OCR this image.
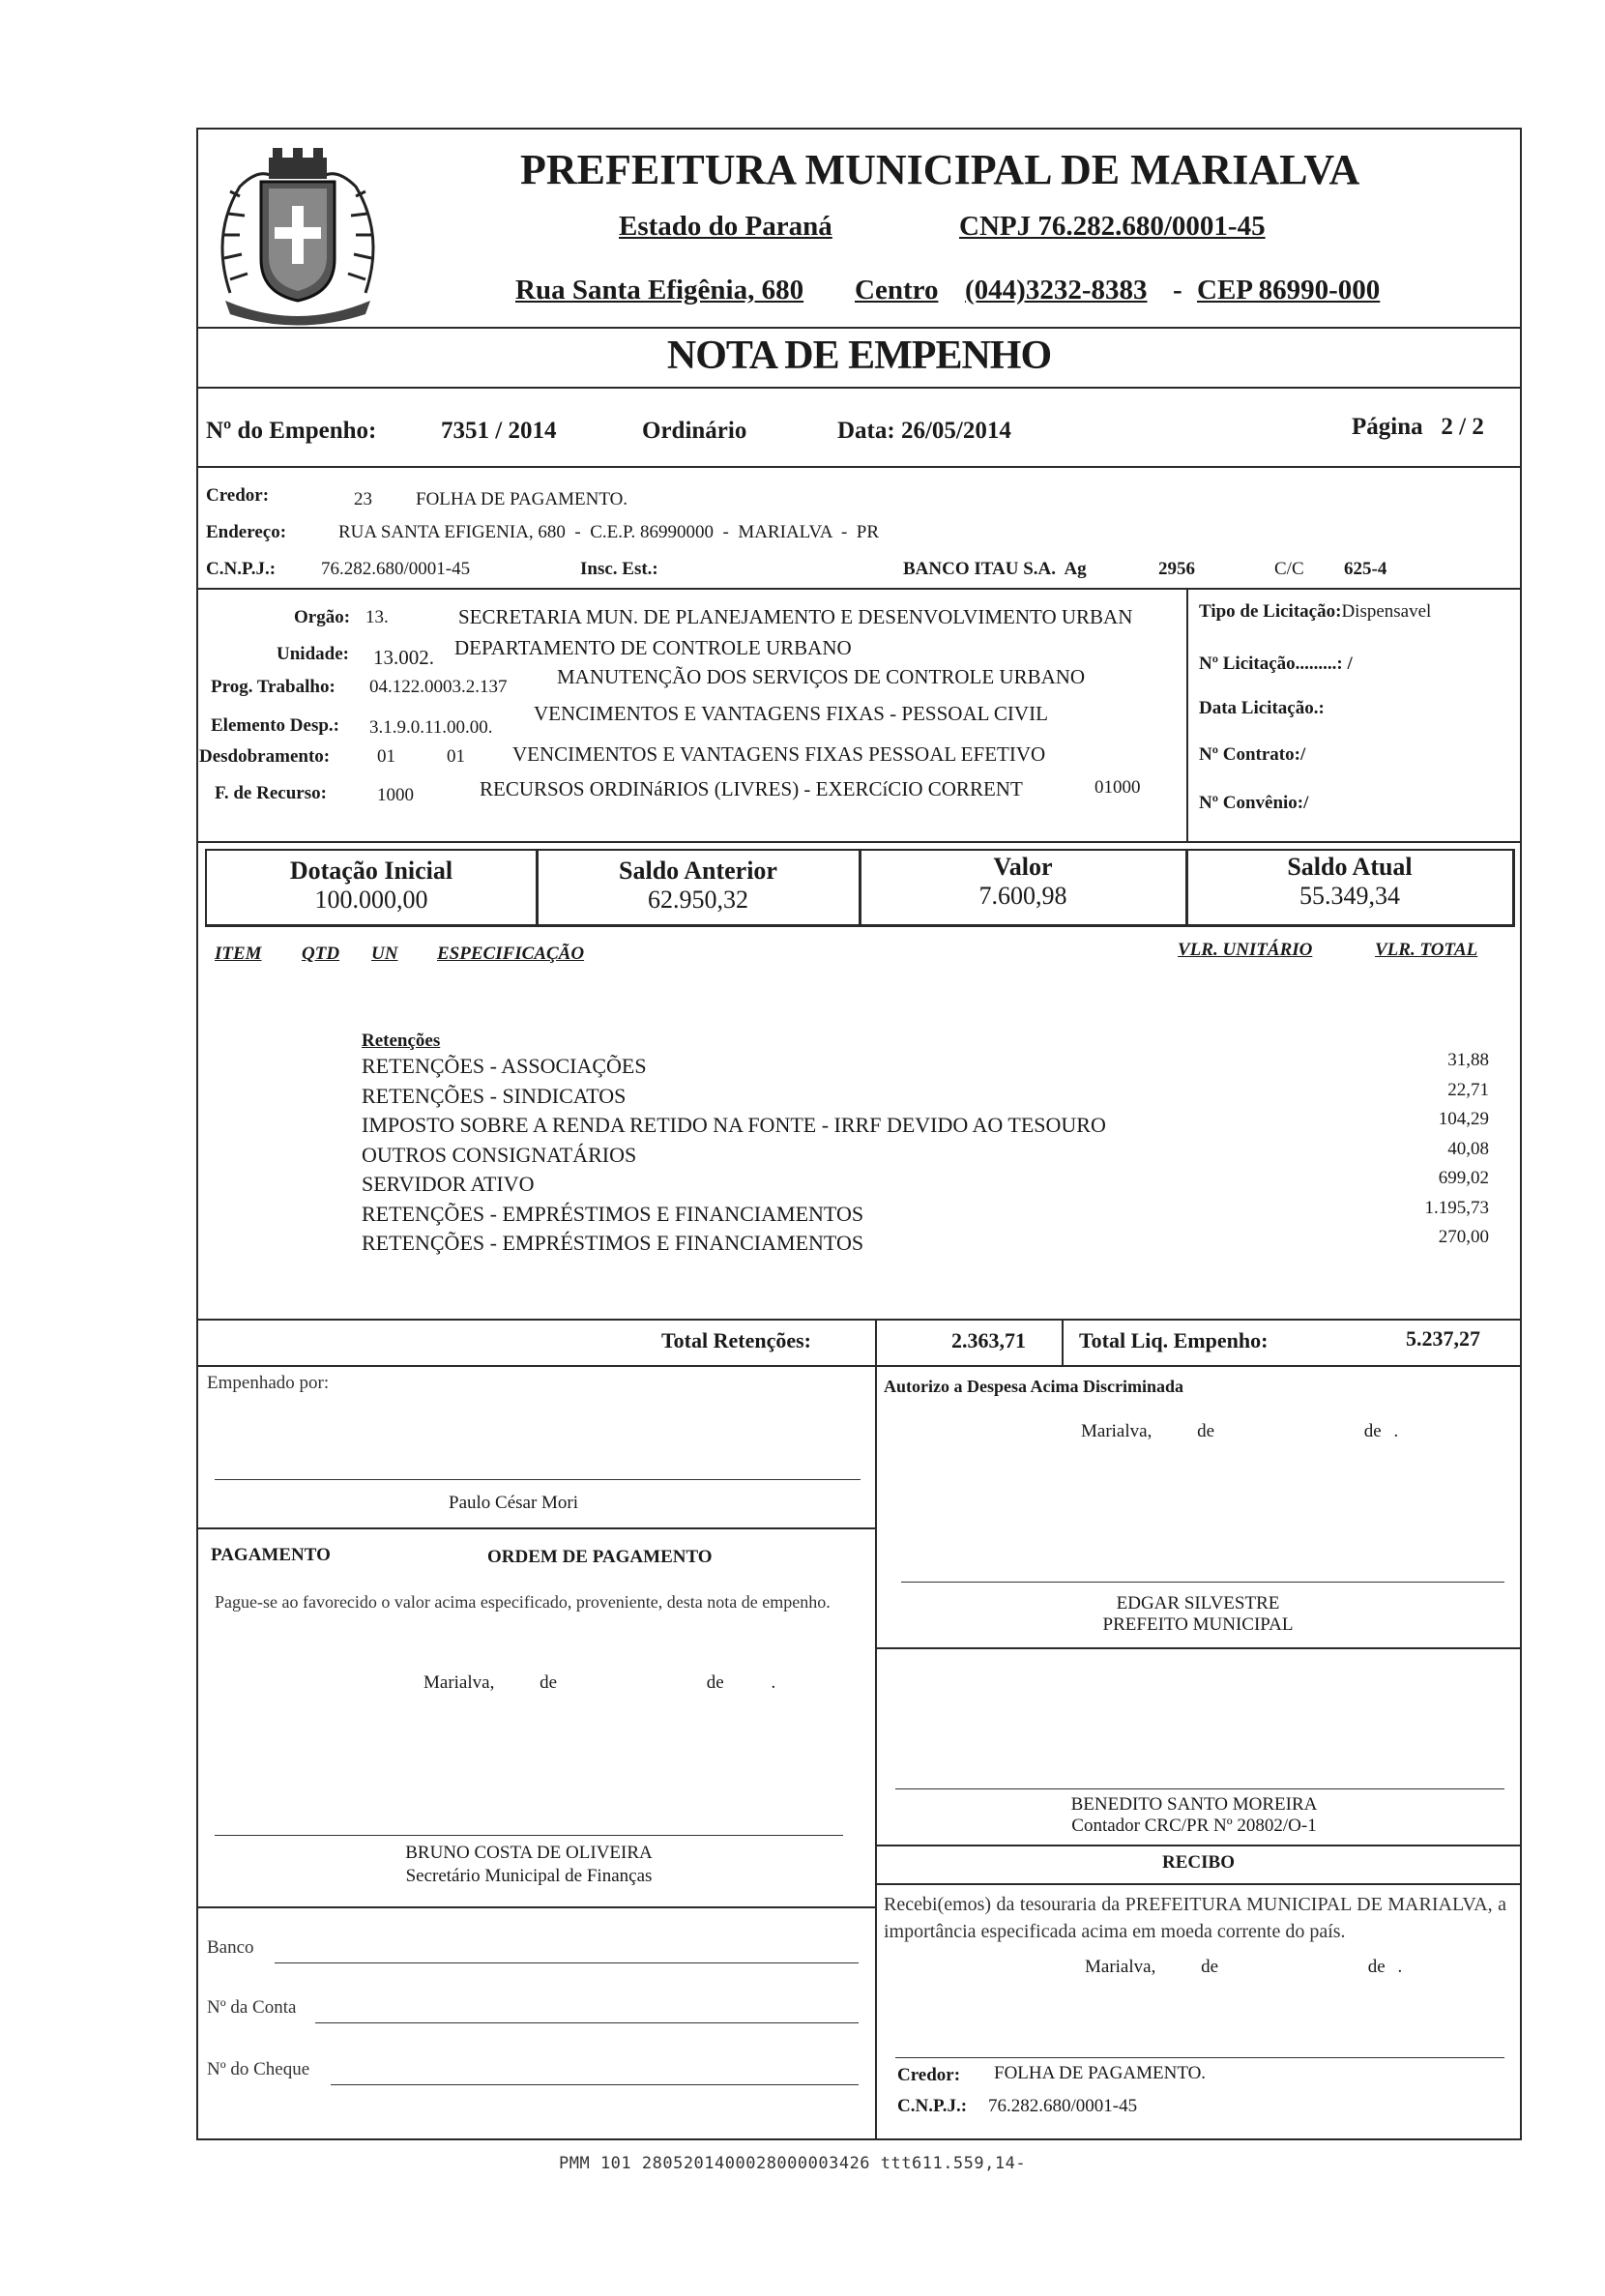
PREFEITURA MUNICIPAL DE MARIALVA
Estado do Paraná	CNPJ 76.282.680/0001-45
Rua Santa Efigênia, 680 Centro (044)3232-8383 - CEP 86990-000
NOTA DE EMPENHO
Nº do Empenho:	7351 / 2014	Ordinário	Data: 26/05/2014	Página   2 / 2
Credor:	23 FOLHA DE PAGAMENTO.
Endereço:	RUA SANTA EFIGENIA, 680  -  C.E.P. 86990000  -  MARIALVA  -  PR
C.N.P.J.: 76.282.680/0001-45	Insc. Est.:	BANCO ITAU S.A.  Ag	2956	C/C 625-4
Orgão: 13.	SECRETARIA MUN. DE PLANEJAMENTO E DESENVOLVIMENTO URBAN
Unidade: 13.002. DEPARTAMENTO DE CONTROLE URBANO
Prog. Trabalho: 04.122.0003.2.137 MANUTENÇÃO DOS SERVIÇOS DE CONTROLE URBANO
Elemento Desp.: 3.1.9.0.11.00.00.
VENCIMENTOS E VANTAGENS FIXAS - PESSOAL CIVIL
Desdobramento:	01	01 VENCIMENTOS E VANTAGENS FIXAS PESSOAL EFETIVO
F. de Recurso:	1000	RECURSOS ORDINáRIOS (LIVRES) - EXERCíCIO CORRENT	01000
Tipo de Licitação:Dispensavel
Nº Licitação.........: /
Data Licitação.:
Nº Contrato:/
Nº Convênio:/
Dotação Inicial
100.000,00
Saldo Anterior
62.950,32
Valor
7.600,98
Saldo Atual
55.349,34
ITEM QTD UN ESPECIFICAÇÃO	VLR. UNITÁRIO	VLR. TOTAL
Retenções
RETENÇÕES - ASSOCIAÇÕES	31,88
RETENÇÕES - SINDICATOS	22,71
IMPOSTO SOBRE A RENDA RETIDO NA FONTE - IRRF DEVIDO AO TESOURO	104,29
OUTROS CONSIGNATÁRIOS	40,08
SERVIDOR ATIVO	699,02
RETENÇÕES - EMPRÉSTIMOS E FINANCIAMENTOS	1.195,73
RETENÇÕES - EMPRÉSTIMOS E FINANCIAMENTOS	270,00
Total Retenções:	2.363,71	Total Liq. Empenho:	5.237,27
Empenhado por:
Paulo César Mori
PAGAMENTO	ORDEM DE PAGAMENTO
Pague-se ao favorecido o valor acima especificado, proveniente, desta nota de empenho.
Marialva, de	de	.
BRUNO COSTA DE OLIVEIRA
Secretário Municipal de Finanças
Banco
Nº da Conta
Nº do Cheque
Autorizo a Despesa Acima Discriminada
Marialva, de	de .
EDGAR SILVESTRE
PREFEITO MUNICIPAL
BENEDITO SANTO MOREIRA
Contador CRC/PR Nº 20802/O-1
RECIBO
Recebi(emos) da tesouraria da PREFEITURA MUNICIPAL DE MARIALVA, a importância especificada acima em moeda corrente do país.
Marialva, de	de .
Credor: FOLHA DE PAGAMENTO.
C.N.P.J.: 76.282.680/0001-45
PMM 101 2805201400028000003426 ttt611.559,14-
